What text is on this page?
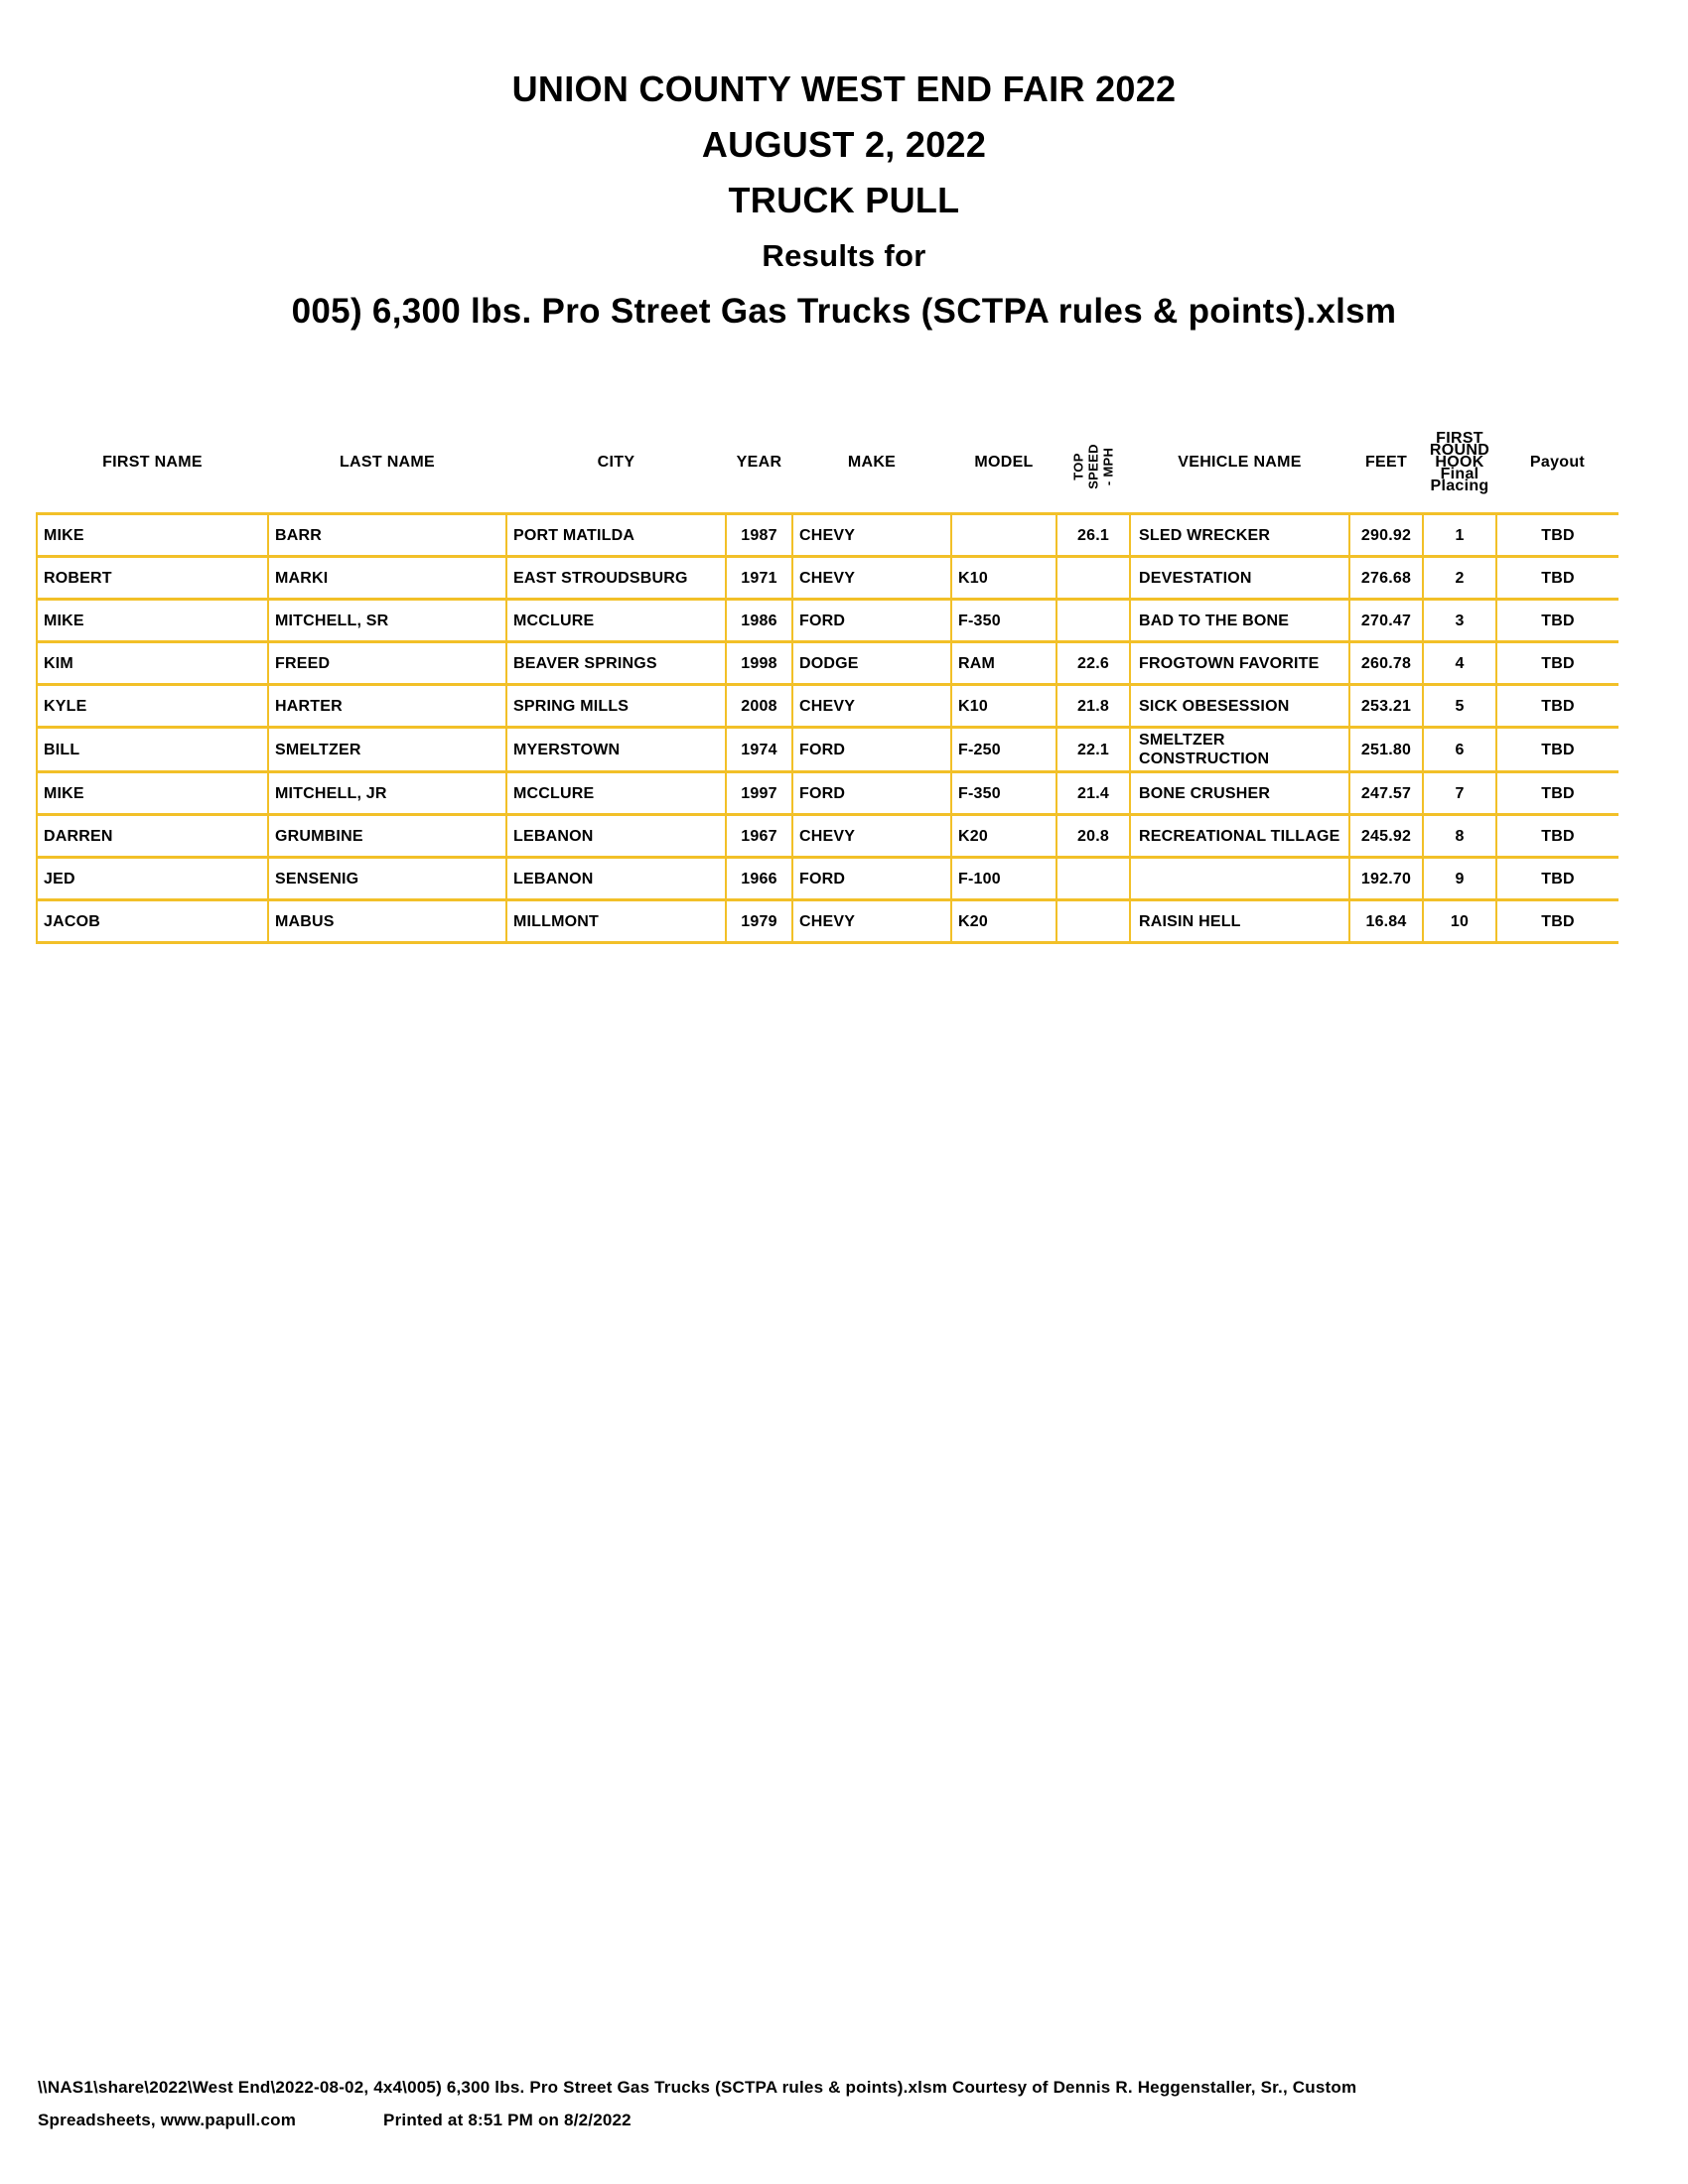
UNION COUNTY WEST END FAIR 2022
AUGUST 2, 2022
TRUCK PULL
Results for
005) 6,300 lbs. Pro Street Gas Trucks (SCTPA rules & points).xlsm
FIRST NAME	LAST NAME	CITY	YEAR	MAKE	MODEL	TOP SPEED - MPH	VEHICLE NAME	FEET	FIRST ROUND
HOOK
Final Placing	Payout
MIKE	BARR	PORT MATILDA	1987	CHEVY		26.1	SLED WRECKER	290.92	1	TBD
ROBERT	MARKI	EAST STROUDSBURG	1971	CHEVY	K10		DEVESTATION	276.68	2	TBD
MIKE	MITCHELL, SR	MCCLURE	1986	FORD	F-350		BAD TO THE BONE	270.47	3	TBD
KIM	FREED	BEAVER SPRINGS	1998	DODGE	RAM	22.6	FROGTOWN FAVORITE	260.78	4	TBD
KYLE	HARTER	SPRING MILLS	2008	CHEVY	K10	21.8	SICK OBESESSION	253.21	5	TBD
BILL	SMELTZER	MYERSTOWN	1974	FORD	F-250	22.1	SMELTZER CONSTRUCTION	251.80	6	TBD
MIKE	MITCHELL, JR	MCCLURE	1997	FORD	F-350	21.4	BONE CRUSHER	247.57	7	TBD
DARREN	GRUMBINE	LEBANON	1967	CHEVY	K20	20.8	RECREATIONAL TILLAGE	245.92	8	TBD
JED	SENSENIG	LEBANON	1966	FORD	F-100			192.70	9	TBD
JACOB	MABUS	MILLMONT	1979	CHEVY	K20		RAISIN HELL	16.84	10	TBD
\\NAS1\share\2022\West End\2022-08-02, 4x4\005) 6,300 lbs. Pro Street Gas Trucks (SCTPA rules & points).xlsm Courtesy of Dennis R. Heggenstaller, Sr., Custom
Spreadsheets, www.papull.com	Printed at 8:51 PM on 8/2/2022
